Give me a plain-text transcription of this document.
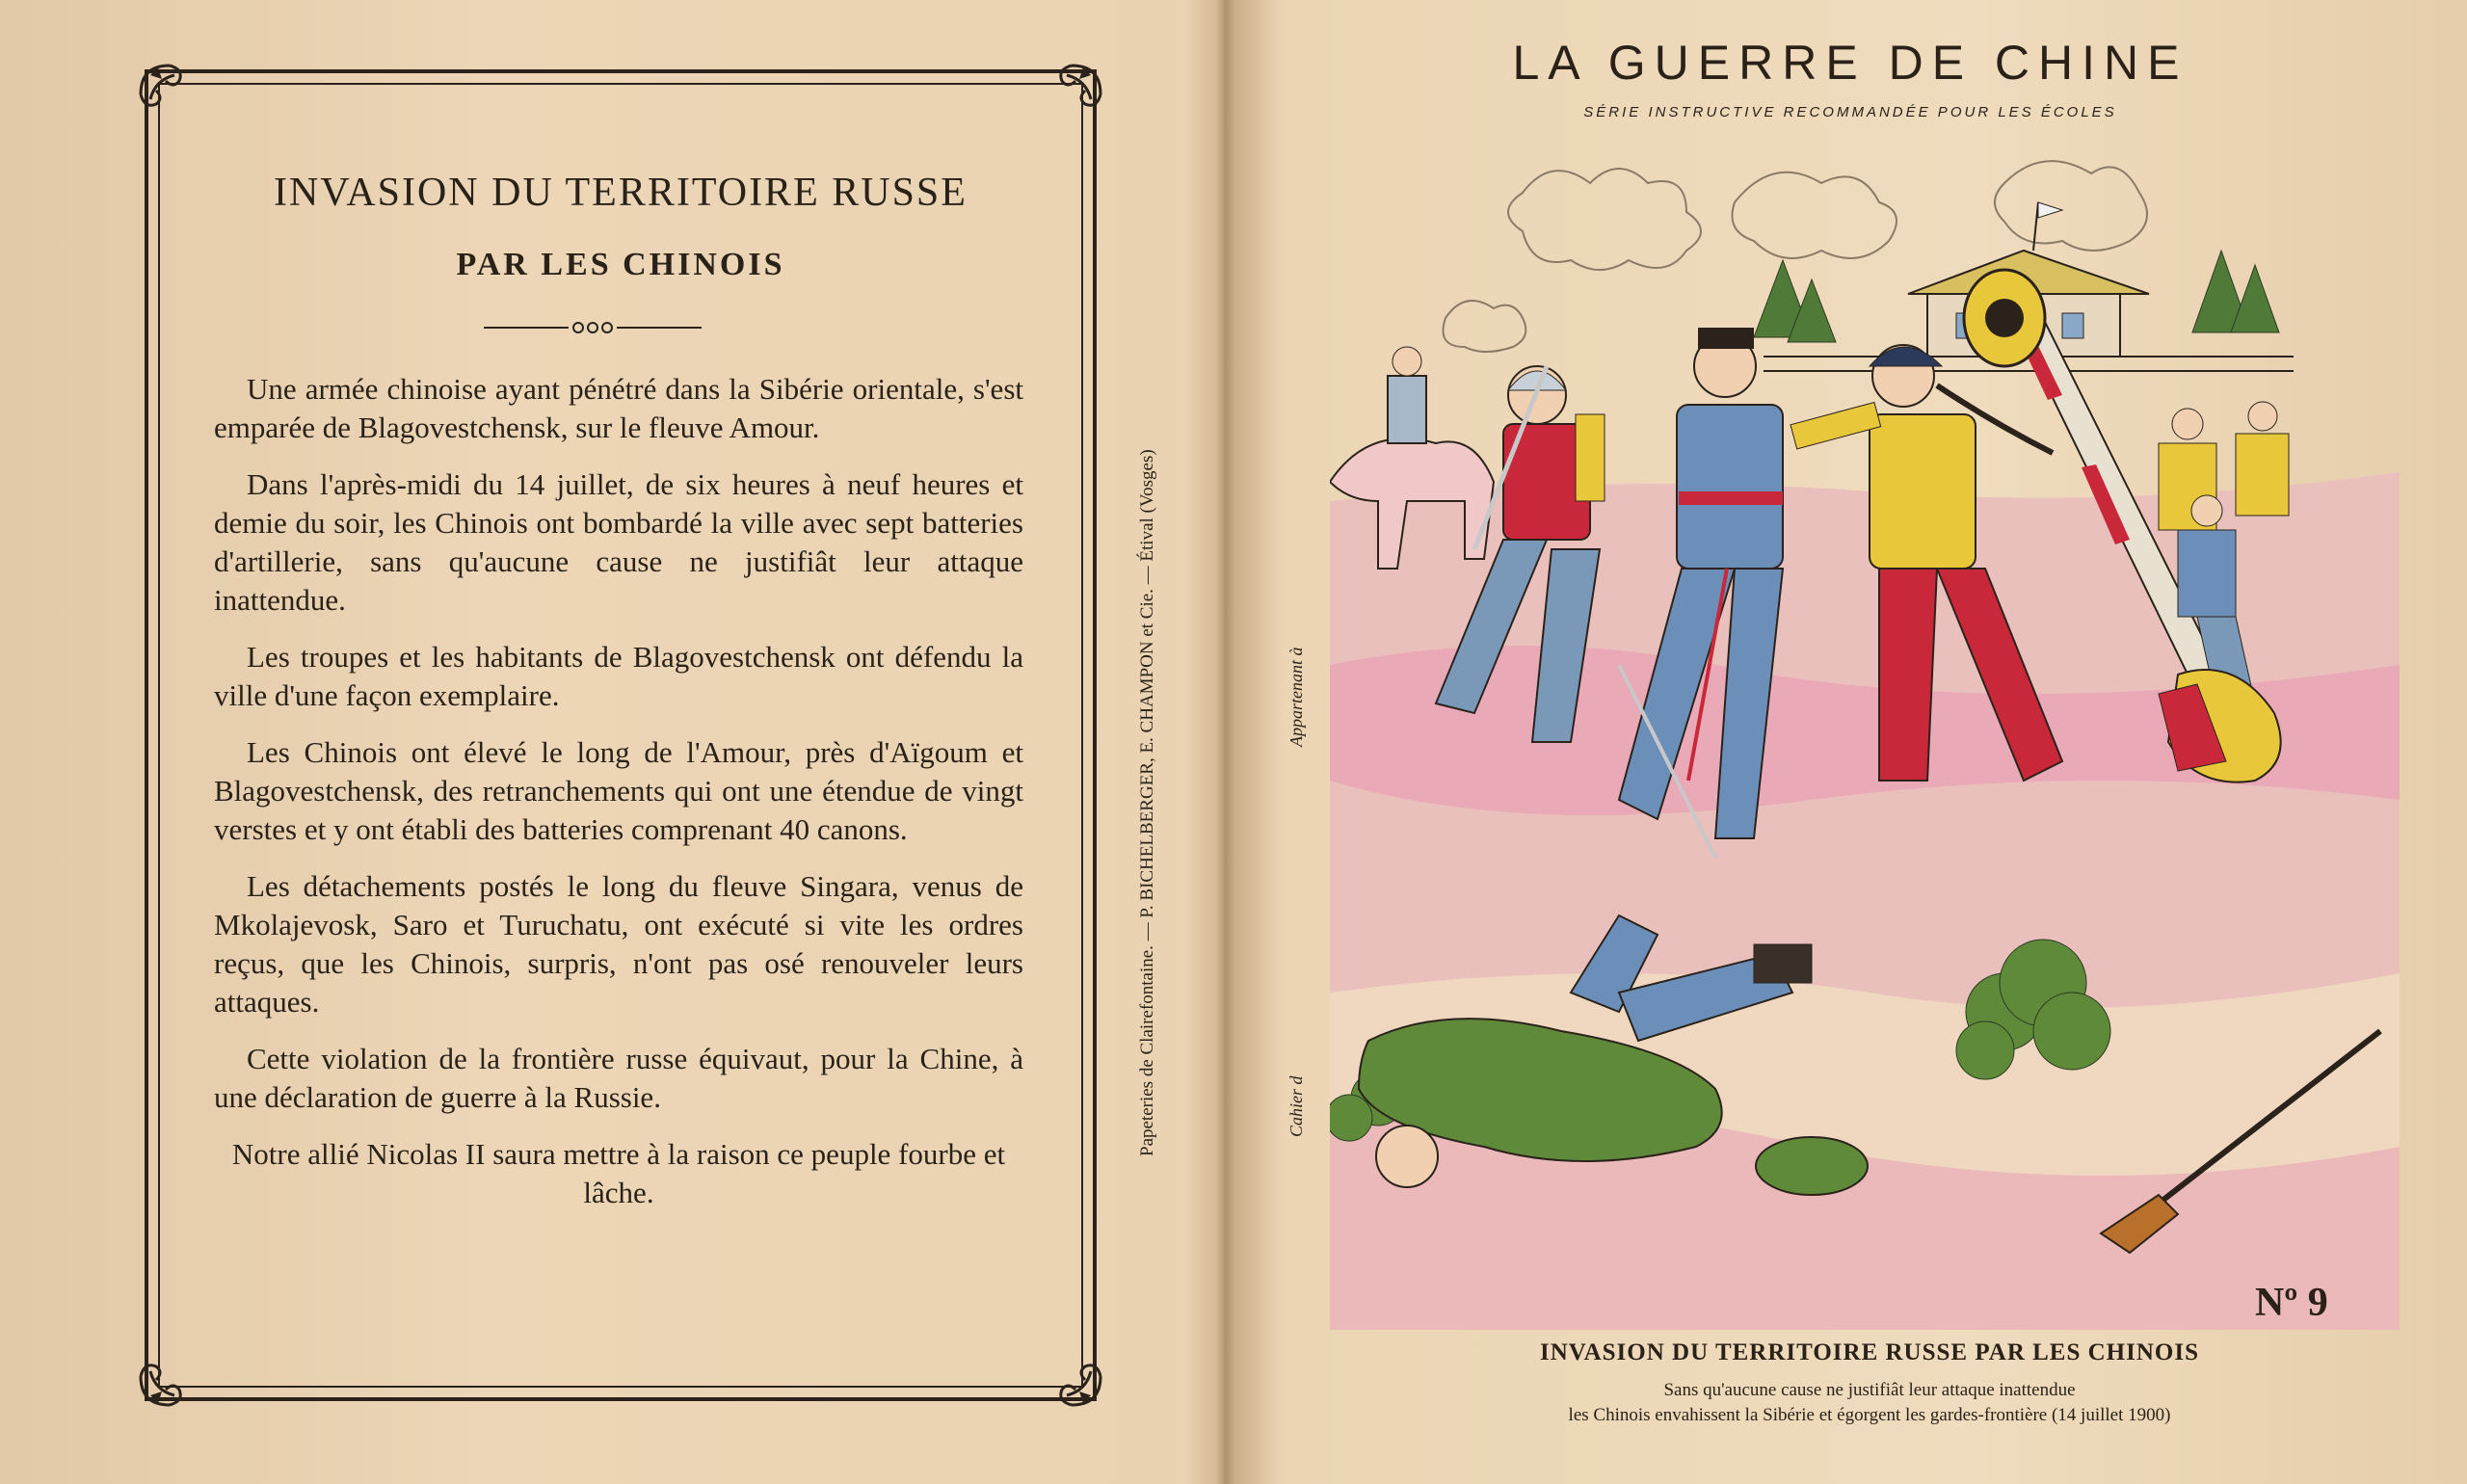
INVASION DU TERRITOIRE RUSSE
PAR LES CHINOIS

Une armée chinoise ayant pénétré dans la Sibérie orientale, s'est emparée de Blagovestchensk, sur le fleuve Amour.

Dans l'après-midi du 14 juillet, de six heures à neuf heures et demie du soir, les Chinois ont bombardé la ville avec sept batteries d'artillerie, sans qu'aucune cause ne justifiât leur attaque inattendue.

Les troupes et les habitants de Blagovestchensk ont défendu la ville d'une façon exemplaire.

Les Chinois ont élevé le long de l'Amour, près d'Aïgoum et Blagovestchensk, des retranchements qui ont une étendue de vingt verstes et y ont établi des batteries comprenant 40 canons.

Les détachements postés le long du fleuve Singara, venus de Mkolajevosk, Saro et Turuchatu, ont exécuté si vite les ordres reçus, que les Chinois, surpris, n'ont pas osé renouveler leurs attaques.

Cette violation de la frontière russe équivaut, pour la Chine, à une déclaration de guerre à la Russie.

Notre allié Nicolas II saura mettre à la raison ce peuple fourbe et lâche.

Papeteries de Clairefontaine. — P. BICHELBERGER, E. CHAMPON et Cie. — Étival (Vosges)
LA GUERRE DE CHINE
SÉRIE INSTRUCTIVE RECOMMANDÉE POUR LES ÉCOLES
Appartenant à
Cahier d
Nº 9
INVASION DU TERRITOIRE RUSSE PAR LES CHINOIS
Sans qu'aucune cause ne justifiât leur attaque inattendue
les Chinois envahissent la Sibérie et égorgent les gardes-frontière (14 juillet 1900)
